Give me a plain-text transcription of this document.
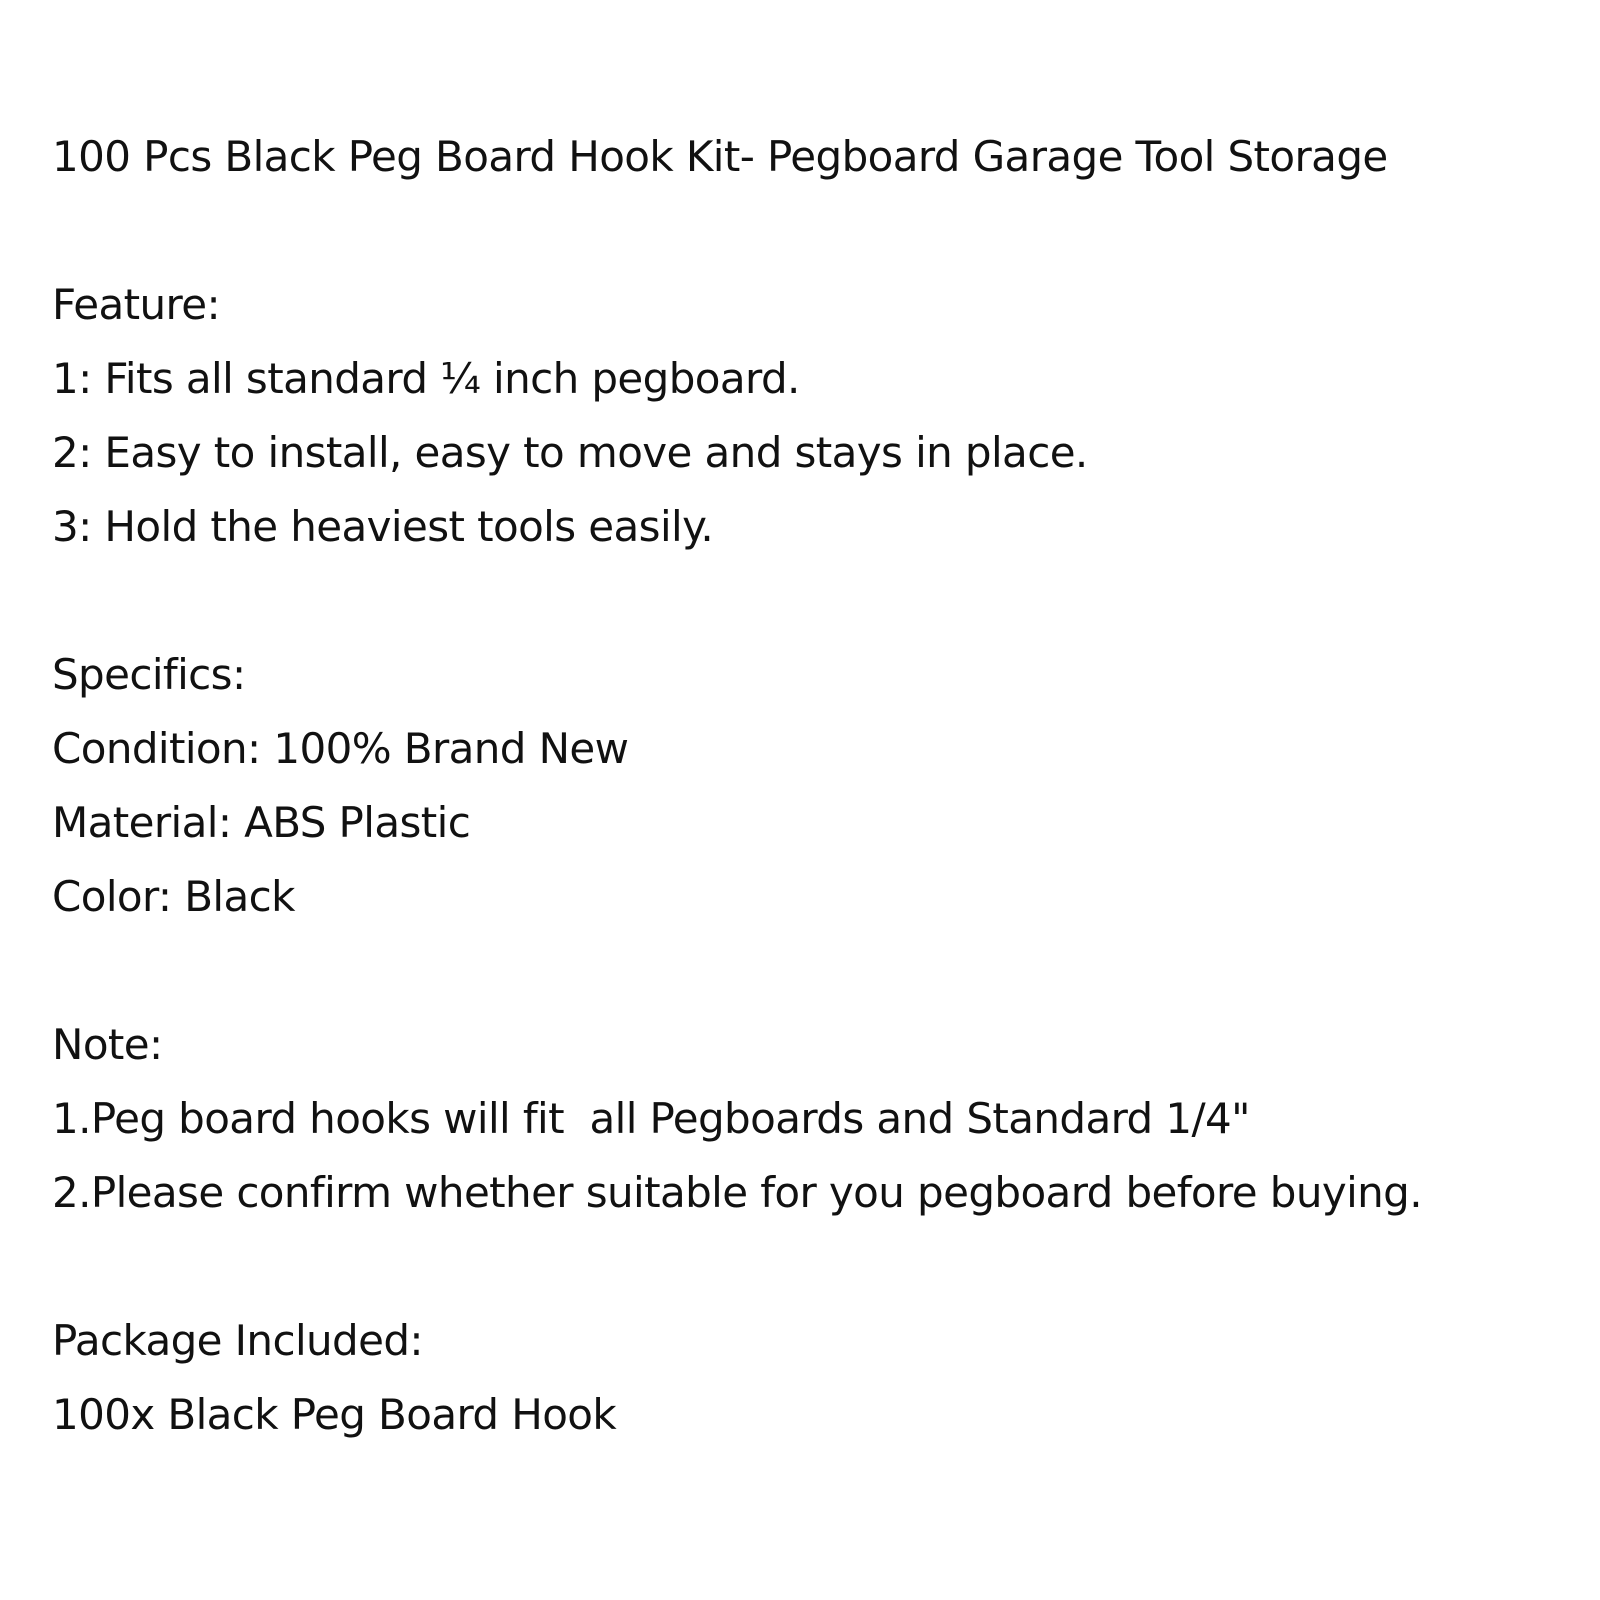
100 Pcs Black Peg Board Hook Kit- Pegboard Garage Tool Storage
Feature:
1: Fits all standard ¼ inch pegboard.
2: Easy to install, easy to move and stays in place.
3: Hold the heaviest tools easily.
Specifics:
Condition: 100% Brand New
Material: ABS Plastic
Color: Black
Note:
1.Peg board hooks will fit  all Pegboards and Standard 1/4"
2.Please confirm whether suitable for you pegboard before buying.
Package Included:
100x Black Peg Board Hook
